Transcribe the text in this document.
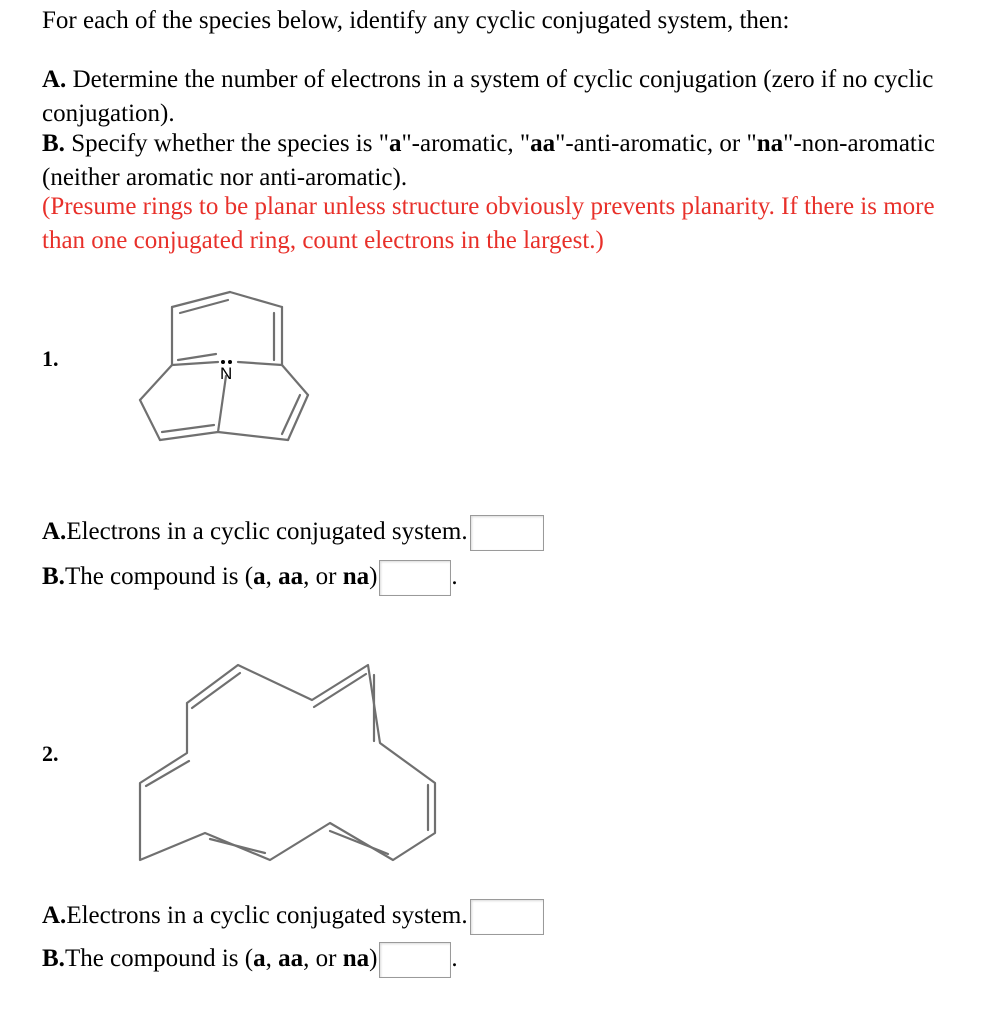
For each of the species below, identify any cyclic conjugated system, then:

A. Determine the number of electrons in a system of cyclic conjugation (zero if no cyclic conjugation).

B. Specify whether the species is "a"-aromatic, "aa"-anti-aromatic, or "na"-non-aromatic (neither aromatic nor anti-aromatic).

(Presume rings to be planar unless structure obviously prevents planarity. If there is more than one conjugated ring, count electrons in the largest.)

1.
N
A.Electrons in a cyclic conjugated system.
B.The compound is (a, aa, or na)	.
2.
A.Electrons in a cyclic conjugated system.
B.The compound is (a, aa, or na)	.
